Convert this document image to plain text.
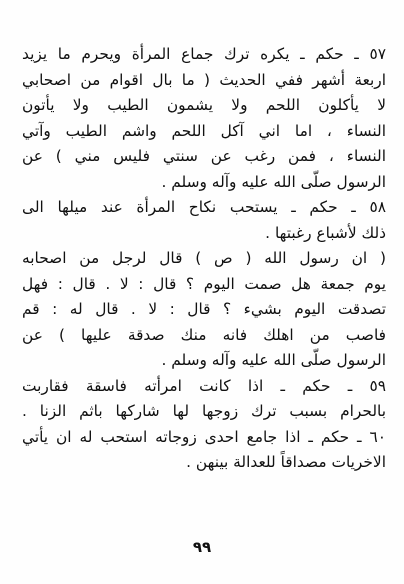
٥٧ ـ حكم ـ يكره ترك جماع المرأة ويحرم ما يزيد
اربعة أشهر ففي الحديث ( ما بال اقوام من اصحابي
لا يأكلون اللحم ولا يشمون الطيب ولا يأتون
النساء ، اما اني آكل اللحم واشم الطيب وآتي
النساء ، فمن رغب عن سنتي فليس مني ) عن
الرسول صلّى الله عليه وآله وسلم .
٥٨ ـ حكم ـ يستحب نكاح المرأة عند ميلها الى
ذلك لأشباع رغبتها .
( ان رسول الله ( ص ) قال لرجل من اصحابه
يوم جمعة هل صمت اليوم ؟ قال : لا . قال : فهل
تصدقت اليوم بشيء ؟ قال : لا . قال له : قم
فاصب من اهلك فانه منك صدقة عليها ) عن
الرسول صلّى الله عليه وآله وسلم .
٥٩ ـ حكم ـ اذا كانت امرأته فاسقة فقاربت
بالحرام بسبب ترك زوجها لها شاركها باثم الزنا .
٦٠ ـ حكم ـ اذا جامع احدى زوجاته استحب له ان يأتي
الاخريات مصداقاً للعدالة بينهن .
٩٩
